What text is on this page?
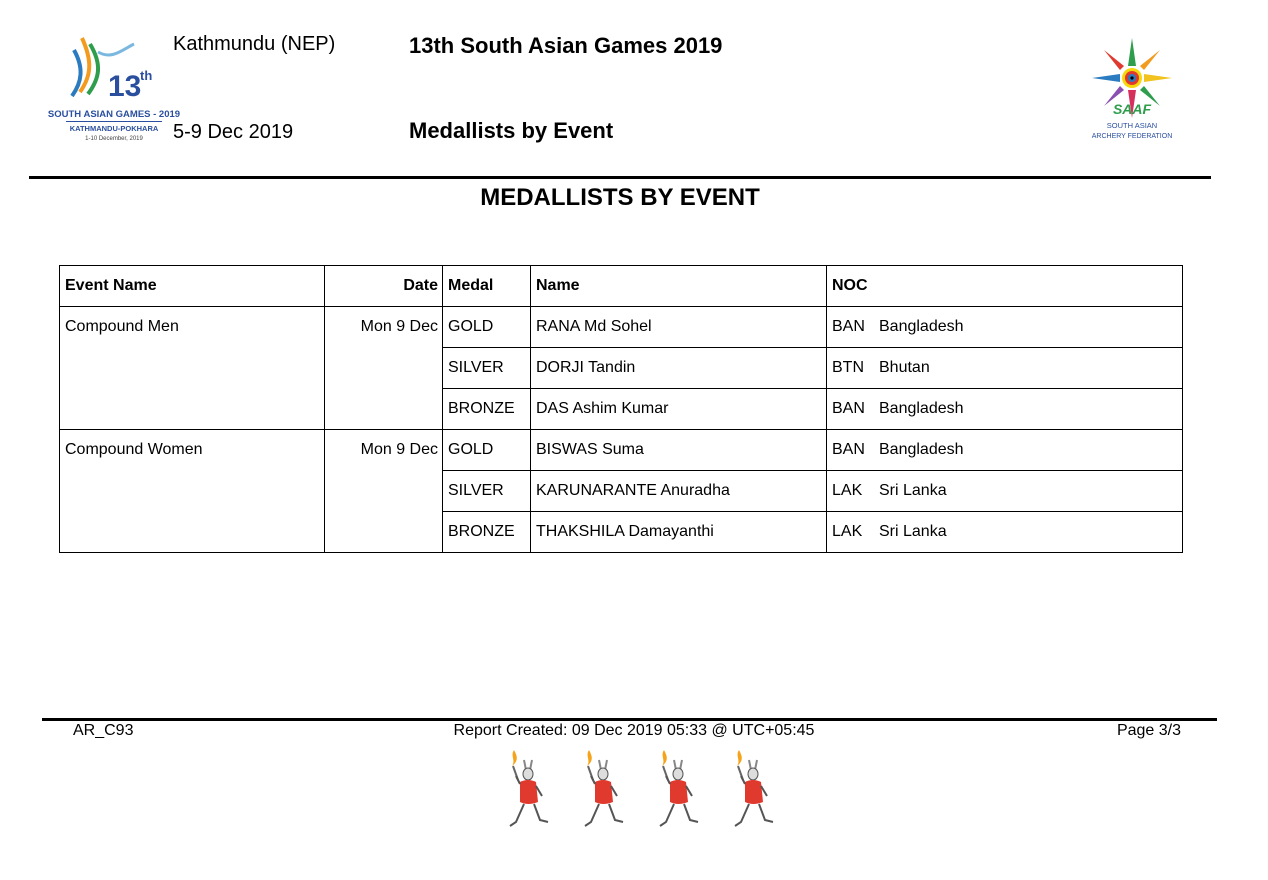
13
th
SOUTH ASIAN GAMES - 2019
KATHMANDU-POKHARA
1-10 December, 2019
Kathmundu (NEP)
5-9 Dec 2019
13th South Asian Games 2019
Medallists by Event
SAAF
SOUTH ASIAN
ARCHERY FEDERATION
MEDALLISTS BY EVENT
Event Name	Date	Medal	Name	NOC
Compound Men	Mon 9 Dec	GOLD	RANA Md Sohel	BAN Bangladesh
		SILVER	DORJI Tandin	BTN Bhutan
		BRONZE	DAS Ashim Kumar	BAN Bangladesh
Compound Women	Mon 9 Dec	GOLD	BISWAS Suma	BAN Bangladesh
		SILVER	KARUNARANTE Anuradha	LAK Sri Lanka
		BRONZE	THAKSHILA Damayanthi	LAK Sri Lanka
AR_C93	Report Created: 09 Dec 2019 05:33 @ UTC+05:45	Page 3/3
